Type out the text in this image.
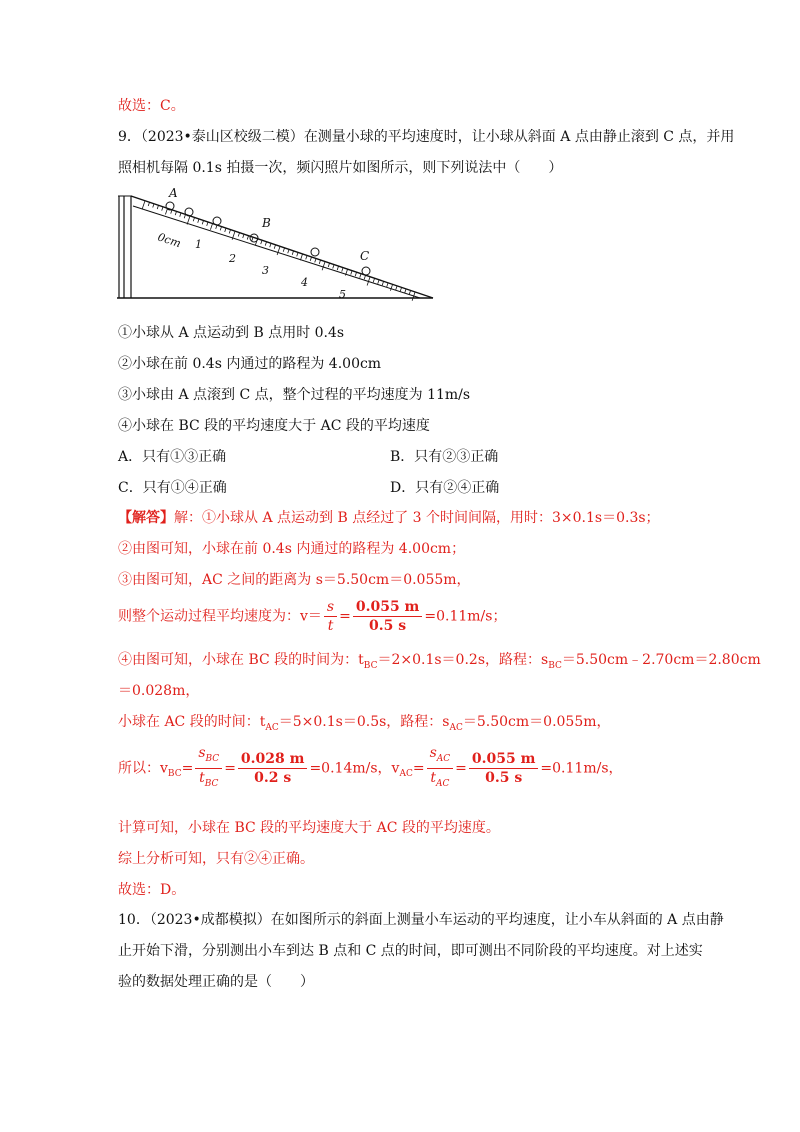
故选：C。
9．（2023•泰山区校级二模）在测量小球的平均速度时，让小球从斜面 A 点由静止滚到 C 点，并用
照相机每隔 0.1s 拍摄一次，频闪照片如图所示，则下列说法中（　　）
A
B
C
0cm 1
2
3
4
5
①小球从 A 点运动到 B 点用时 0.4s
②小球在前 0.4s 内通过的路程为 4.00cm
③小球由 A 点滚到 C 点，整个过程的平均速度为 11m/s
④小球在 BC 段的平均速度大于 AC 段的平均速度
A．只有①③正确	B．只有②③正确
C．只有①④正确	D．只有②④正确
【解答】解：①小球从 A 点运动到 B 点经过了 3 个时间间隔，用时：3×0.1s＝0.3s；
②由图可知，小球在前 0.4s 内通过的路程为 4.00cm；
③由图可知，AC 之间的距离为 s＝5.50cm＝0.055m，
则整个运动过程平均速度为：$v= \frac{s}{t} = \frac{0.055 m}{0.5 s} =0.11m/s$；
④由图可知，小球在 BC 段的时间为：$t_{BC}=2\times 0.1s=0.2s$，路程：$s_{BC}=5.50cm﹣2.70cm=2.80cm$
＝0.028m，
小球在 AC 段的时间：$t_{AC}=5\times 0.1s=0.5s$，路程：$s_{AC}=5.50cm=0.055m$，
所以：$v_{BC}= \frac{s_{BC}}{t_{BC}} = \frac{0.028 m}{0.2 s} =0.14m/s$，$v_{AC}= \frac{s_{AC}}{t_{AC}} = \frac{0.055 m}{0.5 s} =0.11m/s$，
计算可知，小球在 BC 段的平均速度大于 AC 段的平均速度。
综上分析可知，只有②④正确。
故选：D。
10．（2023•成都模拟）在如图所示的斜面上测量小车运动的平均速度，让小车从斜面的 A 点由静
止开始下滑，分别测出小车到达 B 点和 C 点的时间，即可测出不同阶段的平均速度。对上述实
验的数据处理正确的是（　　）
